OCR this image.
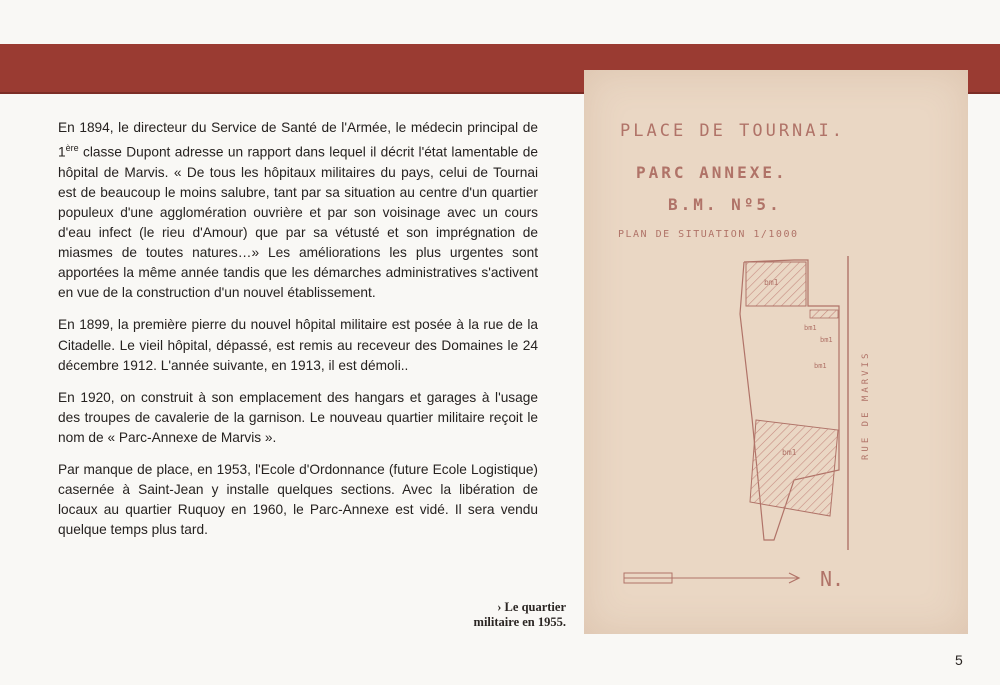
En 1894, le directeur du Service de Santé de l'Armée, le médecin principal de 1ère classe Dupont adresse un rapport dans lequel il décrit l'état lamentable de hôpital de Marvis. « De tous les hôpitaux militaires du pays, celui de Tournai est de beaucoup le moins salubre, tant par sa situation au centre d'un quartier populeux d'une agglomération ouvrière et par son voisinage avec un cours d'eau infect (le rieu d'Amour) que par sa vétusté et son imprégnation de miasmes de toutes natures…» Les améliorations les plus urgentes sont apportées la même année tandis que les démarches administratives s'activent en vue de la construction d'un nouvel établissement.

En 1899, la première pierre du nouvel hôpital militaire est posée à la rue de la Citadelle. Le vieil hôpital, dépassé, est remis au receveur des Domaines le 24 décembre 1912. L'année suivante, en 1913, il est démoli..

En 1920, on construit à son emplacement des hangars et garages à l'usage des troupes de cavalerie de la garnison. Le nouveau quartier militaire reçoit le nom de « Parc-Annexe de Marvis ».

Par manque de place, en 1953, l'Ecole d'Ordonnance (future Ecole Logistique) casernée à Saint-Jean y installe quelques sections. Avec la libération de locaux au quartier Ruquoy en 1960, le Parc-Annexe est vidé. Il sera vendu quelque temps plus tard.

PLACE DE TOURNAI.
PARC ANNEXE.
B.M. Nº5.
PLAN DE SITUATION 1/1000
bm1
bm1
bm1
bm1
bm1	RUE DE MARVIS
N.
› Le quartier
militaire en 1955.
5
